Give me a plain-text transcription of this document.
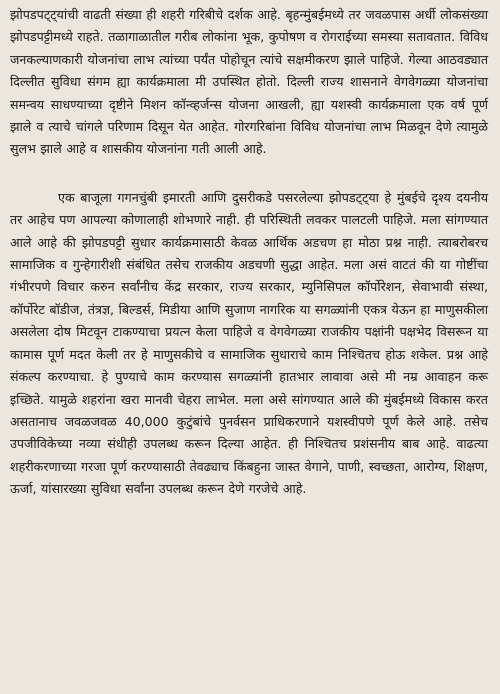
झोपडपट्ट्यांची वाढती संख्या ही शहरी गरिबीचे दर्शक आहे. बृहन्मुंबईमध्ये तर जवळपास अर्धी लोकसंख्या झोपडपट्टीमध्ये राहते. तळागाळातील गरीब लोकांना भूक, कुपोषण व रोगराईच्या समस्या सतावतात. विविध जनकल्याणकारी योजनांचा लाभ त्यांच्या पर्यंत पोहोचून त्यांचे सक्षमीकरण झाले पाहिजे. गेल्या आठवड्यात दिल्लीत सुविधा संगम ह्या कार्यक्रमाला मी उपस्थित होतो. दिल्ली राज्य शासनाने वेगवेगळ्या योजनांचा समन्वय साधण्याच्या दृष्टीने मिशन कॉन्व्हर्जन्स योजना आखली, ह्या यशस्वी कार्यक्रमाला एक वर्ष पूर्ण झाले व त्याचे चांगले परिणाम दिसून येत आहेत. गोरगरिबांना विविध योजनांचा लाभ मिळवून देणे त्यामुळे सुलभ झाले आहे व शासकीय योजनांना गती आली आहे.

एक बाजूला गगनचुंबी इमारती आणि दुसरीकडे पसरलेल्या झोपडट्ट्या हे मुंबईचे दृश्य दयनीय तर आहेच पण आपल्या कोणालाही शोभणारे नाही. ही परिस्थिती लवकर पालटली पाहिजे. मला सांगण्यात आले आहे की झोपडपट्टी सुधार कार्यक्रमासाठी केवळ आर्थिक अडचण हा मोठा प्रश्न नाही. त्याबरोबरच सामाजिक व गुन्हेगारीशी संबंधित तसेच राजकीय अडचणी सुद्धा आहेत. मला असं वाटतं की या गोष्टींचा गंभीरपणे विचार करुन सर्वांनीच केंद्र सरकार, राज्य सरकार, म्युनिसिपल कॉर्पोरेशन, सेवाभावी संस्था, कॉर्पोरेट बॉडीज, तंत्रज्ञ, बिल्डर्स, मिडीया आणि सुजाण नागरिक या सगळ्यांनी एकत्र येऊन हा माणुसकीला असलेला दोष मिटवून टाकण्याचा प्रयत्न केला पाहिजे व वेगवेगळ्या राजकीय पक्षांनी पक्षभेद विसरून या कामास पूर्ण मदत केली तर हे माणुसकीचे व सामाजिक सुधाराचे काम निश्चितच होऊ शकेल. प्रश्न आहे संकल्प करण्याचा. हे पुण्याचे काम करण्यास सगळ्यांनी हातभार लावावा असे मी नम्र आवाहन करू इच्छिते. यामुळे शहरांना खरा मानवी चेहरा लाभेल. मला असे सांगण्यात आले की मुंबईमध्ये विकास करत असतानाच जवळजवळ 40,000 कुटुंबांचे पुनर्वसन प्राधिकरणाने यशस्वीपणे पूर्ण केले आहे. तसेच उपजीविकेच्या नव्या संधीही उपलब्ध करून दिल्या आहेत. ही निश्चितच प्रशंसनीय बाब आहे. वाढत्या शहरीकरणाच्या गरजा पूर्ण करण्यासाठी तेवढ्याच किंबहुना जास्त वेगाने, पाणी, स्वच्छता, आरोग्य, शिक्षण, ऊर्जा, यांसारख्या सुविधा सर्वांना उपलब्ध करून देणे गरजेचे आहे.
